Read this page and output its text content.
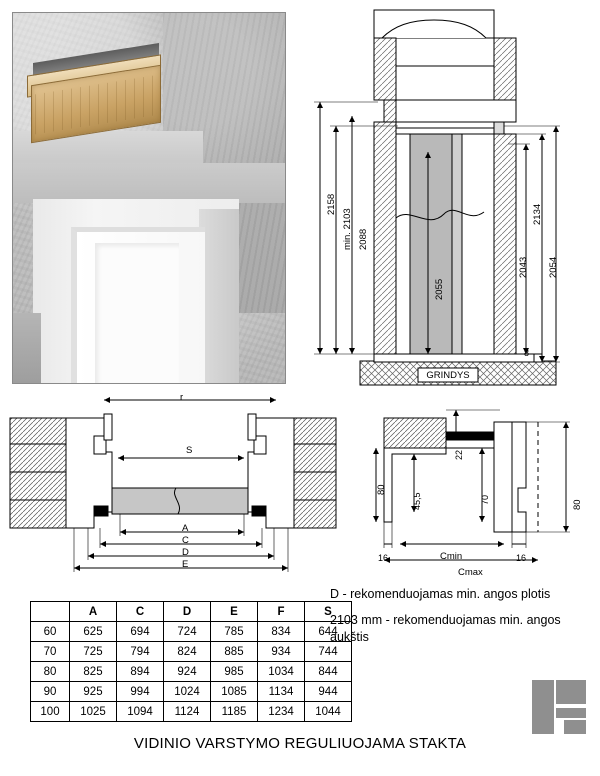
GRINDYS
2158
min. 2103 2088
2055
2134
2054
2043
8
r
S
A
C
D
E
80
80
22
45,5	70
16	16
Cmin
Cmax
D - rekomenduojamas min. angos plotis
2103 mm - rekomenduojamas min. angos aukštis
	A	C	D	E	F	S
60	625	694	724	785	834	644
70	725	794	824	885	934	744
80	825	894	924	985	1034	844
90	925	994	1024	1085	1134	944
100	1025	1094	1124	1185	1234	1044
VIDINIO VARSTYMO REGULIUOJAMA STAKTA
